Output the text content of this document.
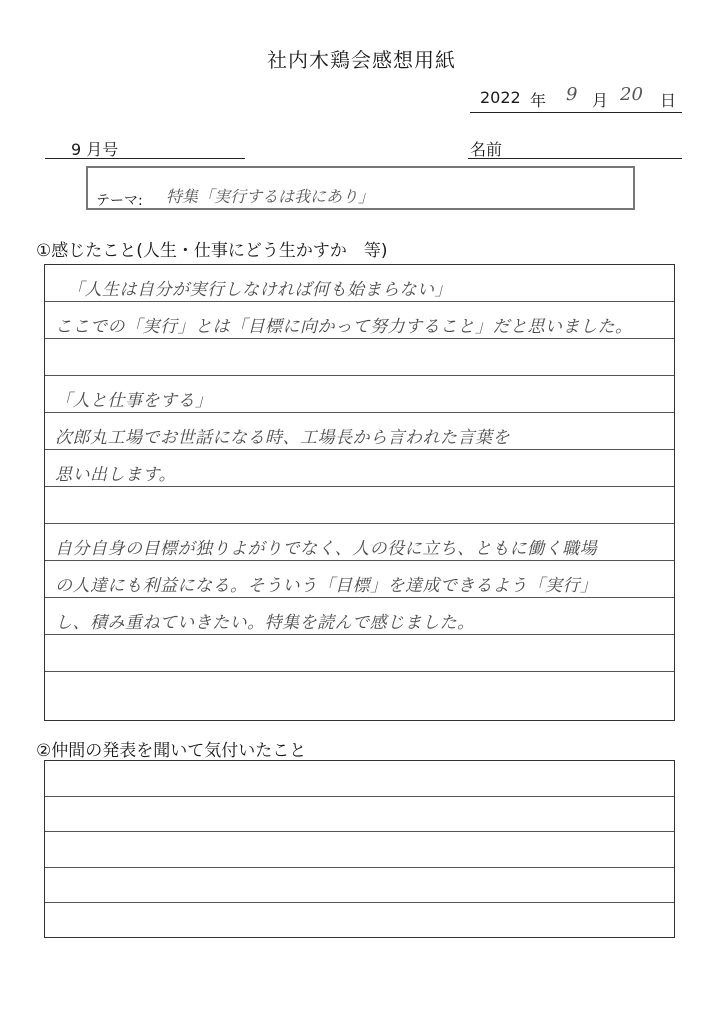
社内木鶏会感想用紙
2022 年 9 月 20 日
9 月号	名前
テーマ: 特集「実行するは我にあり」
①感じたこと(人生・仕事にどう生かすか　等)
「人生は自分が実行しなければ何も始まらない」
ここでの「実行」とは「目標に向かって努力すること」だと思いました。
「人と仕事をする」
次郎丸工場でお世話になる時、工場長から言われた言葉を
思い出します。
自分自身の目標が独りよがりでなく、人の役に立ち、ともに働く職場
の人達にも利益になる。そういう「目標」を達成できるよう「実行」
し、積み重ねていきたい。特集を読んで感じました。
②仲間の発表を聞いて気付いたこと
